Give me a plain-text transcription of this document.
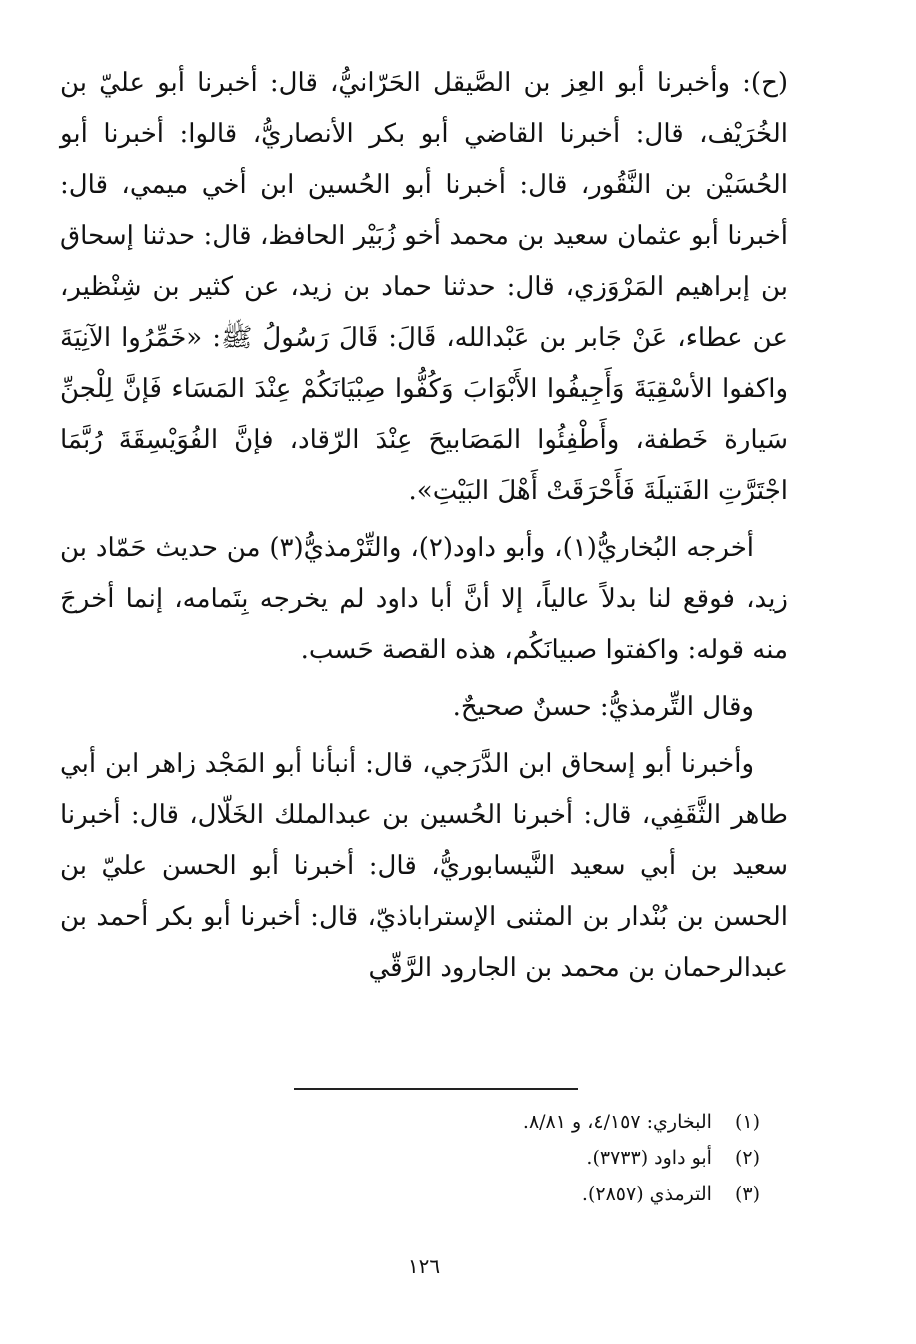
(ح): وأخبرنا أبو العِز بن الصَّيقل الحَرّانيُّ، قال: أخبرنا أبو عليّ بن الخُرَيْف، قال: أخبرنا القاضي أبو بكر الأنصاريُّ، قالوا: أخبرنا أبو الحُسَيْن بن النَّقُور، قال: أخبرنا أبو الحُسين ابن أخي ميمي، قال: أخبرنا أبو عثمان سعيد بن محمد أخو زُبَيْر الحافظ، قال: حدثنا إسحاق بن إبراهيم المَرْوَزي، قال: حدثنا حماد بن زيد، عن كثير بن شِنْظير، عن عطاء، عَنْ جَابر بن عَبْدالله، قَالَ: قَالَ رَسُولُ ﷺ: «خَمِّرُوا الآنِيَةَ واكفوا الأسْقِيَةَ وَأَجِيفُوا الأَبْوَابَ وَكُفُّوا صِبْيَانَكُمْ عِنْدَ المَسَاء فَإنَّ لِلْجنِّ سَيارة خَطفة، وأَطْفِئُوا المَصَابيحَ عِنْدَ الرّقاد، فإنَّ الفُوَيْسِقَةَ رُبَّمَا اجْتَرَّتِ الفَتيلَةَ فَأَحْرَقَتْ أَهْلَ البَيْتِ».

أخرجه البُخاريُّ(١)، وأبو داود(٢)، والتِّرْمذيُّ(٣) من حديث حَمّاد بن زيد، فوقع لنا بدلاً عالياً، إلا أنَّ أبا داود لم يخرجه بِتَمامه، إنما أخرجَ منه قوله: واكفتوا صبيانَكُم، هذه القصة حَسب.

وقال التِّرمذيُّ: حسنٌ صحيحٌ.

وأخبرنا أبو إسحاق ابن الدَّرَجي، قال: أنبأنا أبو المَجْد زاهر ابن أبي طاهر الثَّقَفِي، قال: أخبرنا الحُسين بن عبدالملك الخَلّال، قال: أخبرنا سعيد بن أبي سعيد النَّيسابوريُّ، قال: أخبرنا أبو الحسن عليّ بن الحسن بن بُنْدار بن المثنى الإستراباذيّ، قال: أخبرنا أبو بكر أحمد بن عبدالرحمان بن محمد بن الجارود الرَّقّي

(١) البخاري: ٤/١٥٧، و ٨/٨١.

(٢) أبو داود (٣٧٣٣).

(٣) الترمذي (٢٨٥٧).

١٢٦
